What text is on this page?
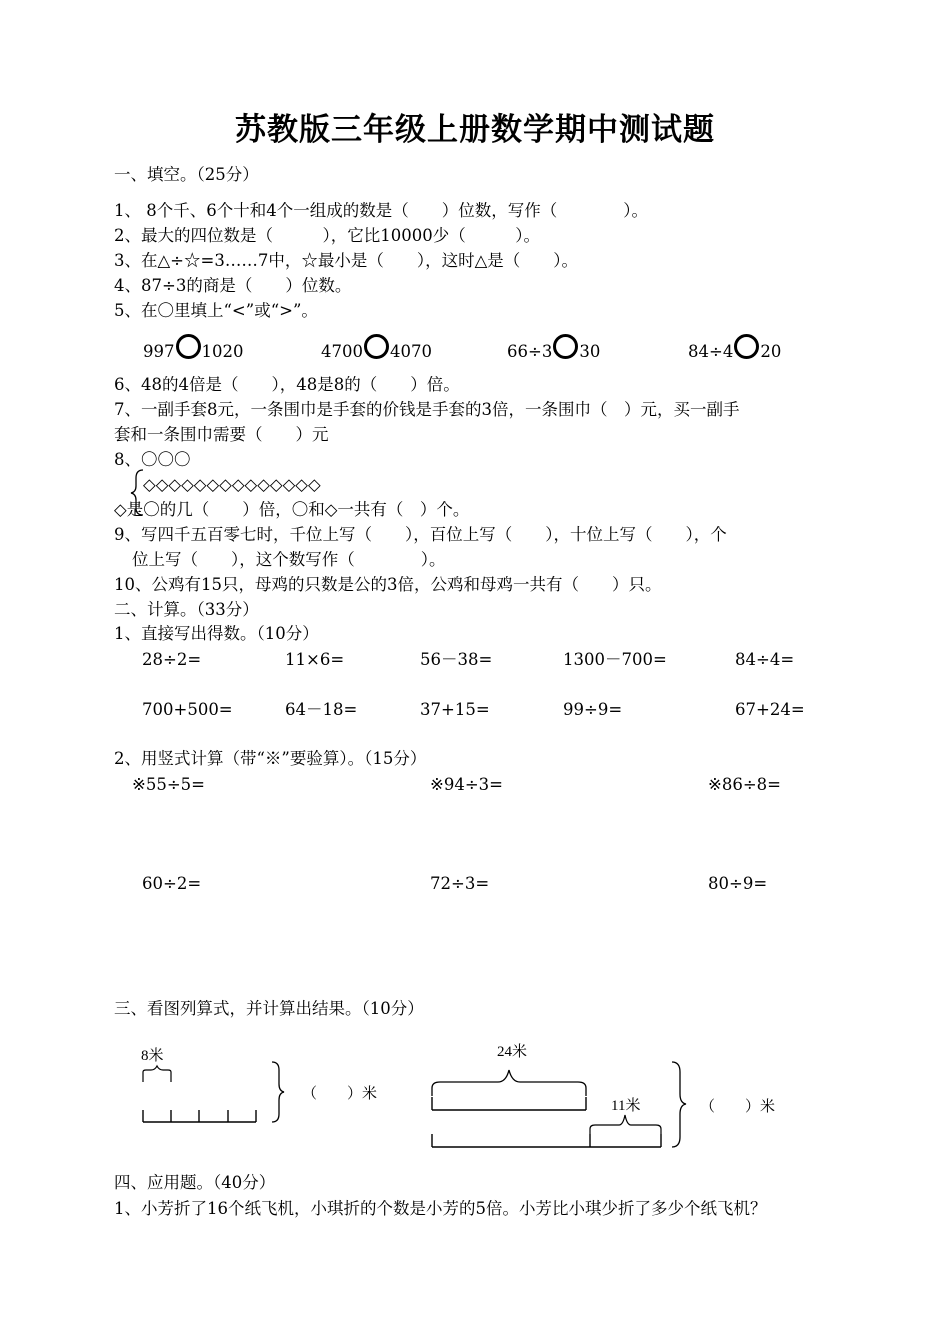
苏教版三年级上册数学期中测试题
一、填空。（25分）
1、 8个千、6个十和4个一组成的数是（　　）位数，写作（　　　　）。
2、最大的四位数是（　　　），它比10000少（　　　）。
3、在△÷☆=3……7中，☆最小是（　　），这时△是（　　）。
4、87÷3的商是（　　）位数。
5、在〇里填上“<”或“>”。
997 1020	4700 4070	66÷3 30	84÷4 20
6、48的4倍是（　　），48是8的（　　）倍。
7、一副手套8元，一条围巾是手套的价钱是手套的3倍，一条围巾（　）元，买一副手
套和一条围巾需要（　　）元
8、〇〇〇
◇◇◇◇◇◇◇◇◇◇◇◇◇◇
◇是〇的几（　　）倍，〇和◇一共有（　）个。
9、写四千五百零七时，千位上写（　　），百位上写（　　），十位上写（　　），个
位上写（　　），这个数写作（　　　　）。
10、公鸡有15只，母鸡的只数是公的3倍，公鸡和母鸡一共有（　　）只。
二、计算。（33分）
1、直接写出得数。（10分）
28÷2=	11×6=	56－38=	1300－700=	84÷4=
700+500=	64－18=	37+15=	99÷9=	67+24=
2、用竖式计算（带“※”要验算）。（15分）
※55÷5=	※94÷3=	※86÷8=
60÷2=	72÷3=	80÷9=
三、看图列算式，并计算出结果。（10分）
8米
（　　）米
24米
11米	（　　）米
四、应用题。（40分）
1、小芳折了16个纸飞机，小琪折的个数是小芳的5倍。小芳比小琪少折了多少个纸飞机？
